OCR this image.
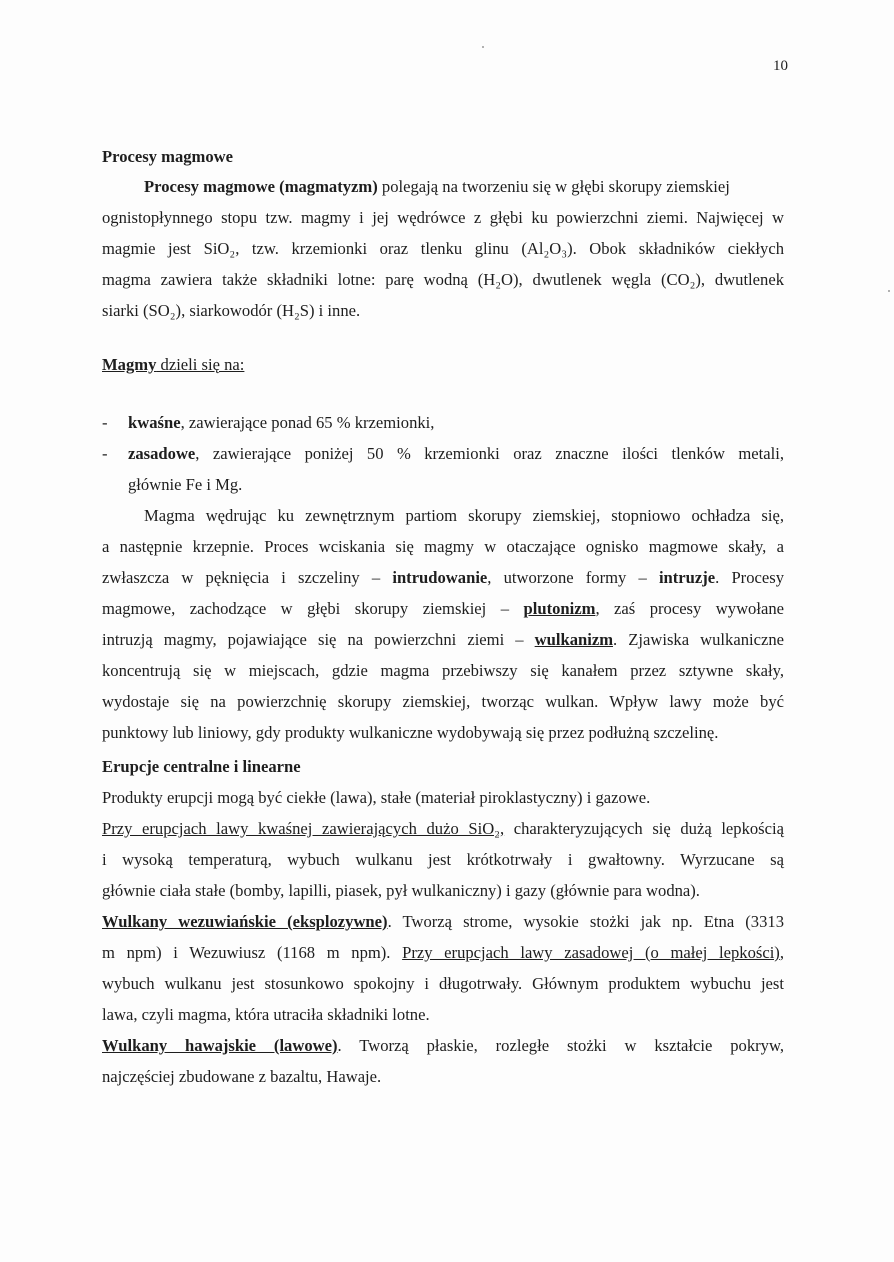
10
Procesy magmowe
Procesy magmowe (magmatyzm) polegają na tworzeniu się w głębi skorupy ziemskiej
ognistopłynnego stopu tzw. magmy i jej wędrówce z głębi ku powierzchni ziemi. Najwięcej w
magmie jest SiO₂, tzw. krzemionki oraz tlenku glinu (Al₂O₃). Obok składników ciekłych
magma zawiera także składniki lotne: parę wodną (H₂O), dwutlenek węgla (CO₂), dwutlenek
siarki (SO₂), siarkowodór (H₂S) i inne.
Magmy dzieli się na:
- kwaśne, zawierające ponad 65 % krzemionki,
- zasadowe, zawierające poniżej 50 % krzemionki oraz znaczne ilości tlenków metali,
głównie Fe i Mg.
Magma wędrując ku zewnętrznym partiom skorupy ziemskiej, stopniowo ochładza się,
a następnie krzepnie. Proces wciskania się magmy w otaczające ognisko magmowe skały, a
zwłaszcza w pęknięcia i szczeliny – intrudowanie, utworzone formy – intruzje. Procesy
magmowe, zachodzące w głębi skorupy ziemskiej – plutonizm, zaś procesy wywołane
intruzją magmy, pojawiające się na powierzchni ziemi – wulkanizm. Zjawiska wulkaniczne
koncentrują się w miejscach, gdzie magma przebiwszy się kanałem przez sztywne skały,
wydostaje się na powierzchnię skorupy ziemskiej, tworząc wulkan. Wpływ lawy może być
punktowy lub liniowy, gdy produkty wulkaniczne wydobywają się przez podłużną szczelinę.
Erupcje centralne i linearne
Produkty erupcji mogą być ciekłe (lawa), stałe (materiał piroklastyczny) i gazowe.
Przy erupcjach lawy kwaśnej zawierających dużo SiO₂, charakteryzujących się dużą lepkością
i wysoką temperaturą, wybuch wulkanu jest krótkotrwały i gwałtowny. Wyrzucane są
głównie ciała stałe (bomby, lapilli, piasek, pył wulkaniczny) i gazy (głównie para wodna).
Wulkany wezuwiańskie (eksplozywne). Tworzą strome, wysokie stożki jak np. Etna (3313
m npm) i Wezuwiusz (1168 m npm). Przy erupcjach lawy zasadowej (o małej lepkości),
wybuch wulkanu jest stosunkowo spokojny i długotrwały. Głównym produktem wybuchu jest
lawa, czyli magma, która utraciła składniki lotne.
Wulkany hawajskie (lawowe). Tworzą płaskie, rozległe stożki w kształcie pokryw,
najczęściej zbudowane z bazaltu, Hawaje.
